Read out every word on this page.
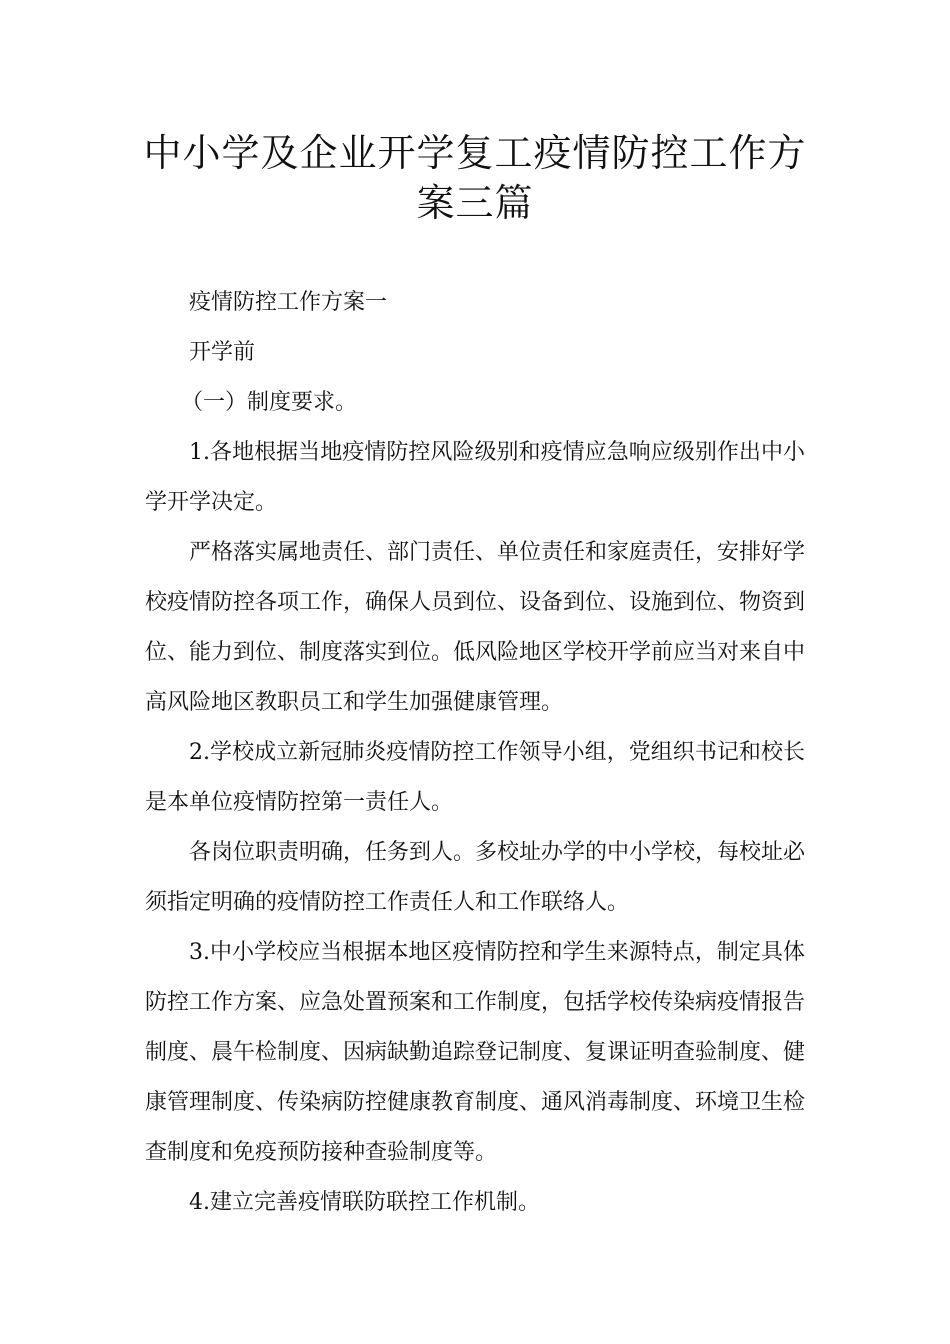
中小学及企业开学复工疫情防控工作方
案三篇

疫情防控工作方案一

开学前

（一）制度要求。

1.各地根据当地疫情防控风险级别和疫情应急响应级别作出中小学开学决定。

严格落实属地责任、部门责任、单位责任和家庭责任，安排好学校疫情防控各项工作，确保人员到位、设备到位、设施到位、物资到位、能力到位、制度落实到位。低风险地区学校开学前应当对来自中高风险地区教职员工和学生加强健康管理。

2.学校成立新冠肺炎疫情防控工作领导小组，党组织书记和校长是本单位疫情防控第一责任人。

各岗位职责明确，任务到人。多校址办学的中小学校，每校址必须指定明确的疫情防控工作责任人和工作联络人。

3.中小学校应当根据本地区疫情防控和学生来源特点，制定具体防控工作方案、应急处置预案和工作制度，包括学校传染病疫情报告制度、晨午检制度、因病缺勤追踪登记制度、复课证明查验制度、健康管理制度、传染病防控健康教育制度、通风消毒制度、环境卫生检查制度和免疫预防接种查验制度等。

4.建立完善疫情联防联控工作机制。
